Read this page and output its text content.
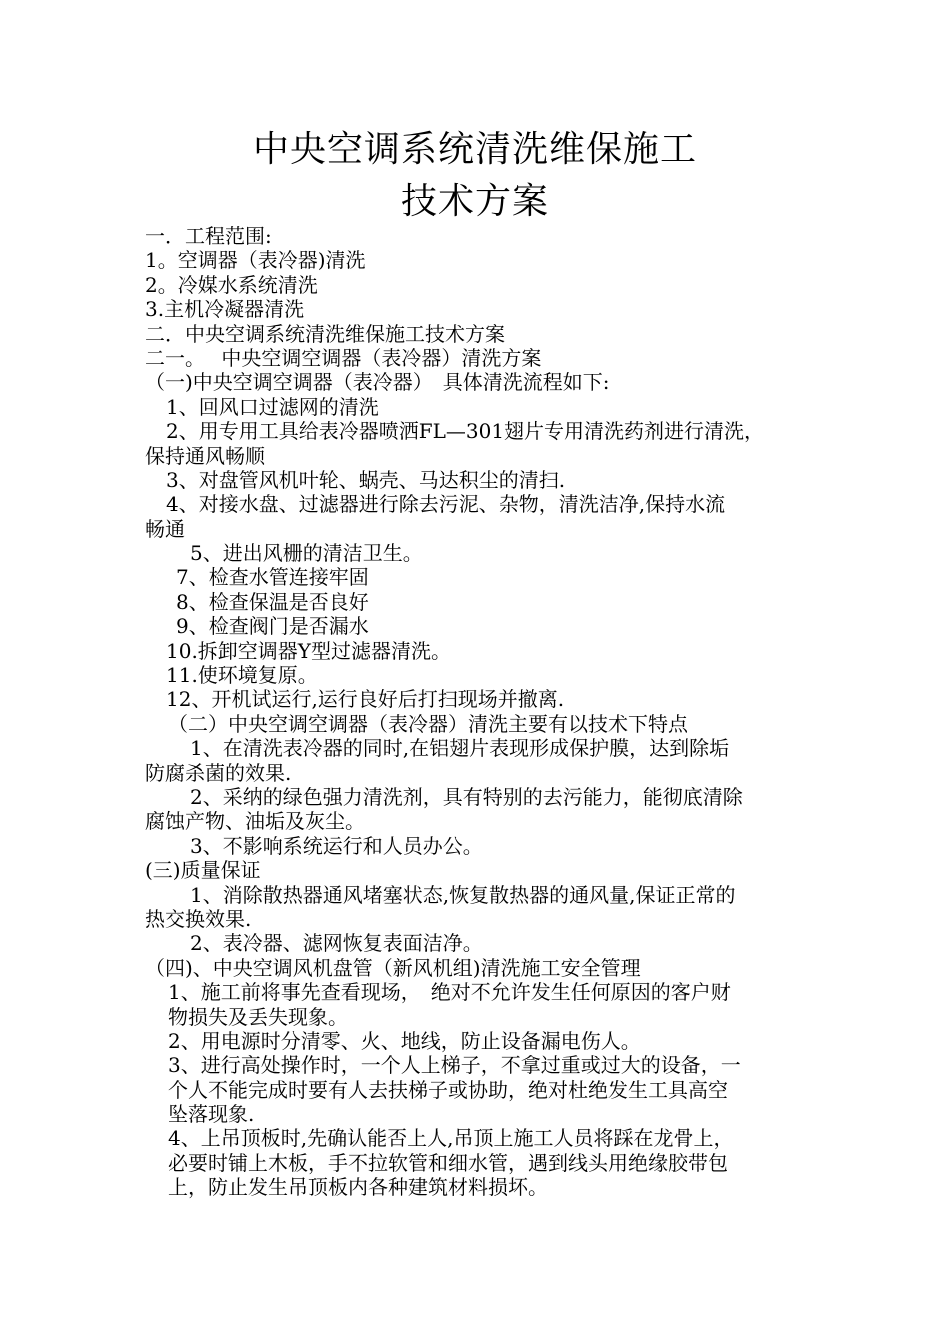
中央空调系统清洗维保施工
技术方案
一．工程范围:
1。空调器（表冷器)清洗
2。冷媒水系统清洗
3.主机冷凝器清洗
二．中央空调系统清洗维保施工技术方案
二一。　 中央空调空调器（表冷器）清洗方案
（一)中央空调空调器（表冷器）　具体清洗流程如下:
1、回风口过滤网的清洗
2、用专用工具给表冷器喷洒FL—301翅片专用清洗药剂进行清洗，
保持通风畅顺
3、对盘管风机叶轮、蜗壳、马达积尘的清扫.
4、对接水盘、过滤器进行除去污泥、杂物，清洗洁净,保持水流
畅通
5、进出风栅的清洁卫生。
7、检查水管连接牢固
8、检查保温是否良好
9、检查阀门是否漏水
10.拆卸空调器Y型过滤器清洗。
11.使环境复原。
12、开机试运行,运行良好后打扫现场并撤离.
（二）中央空调空调器（表冷器）清洗主要有以技术下特点
1、在清洗表冷器的同时,在铝翅片表现形成保护膜，达到除垢
防腐杀菌的效果.
2、采纳的绿色强力清洗剂，具有特别的去污能力，能彻底清除
腐蚀产物、油垢及灰尘。
3、不影响系统运行和人员办公。
(三)质量保证
1、消除散热器通风堵塞状态,恢复散热器的通风量,保证正常的
热交换效果.
2、表冷器、滤网恢复表面洁净。
（四)、中央空调风机盘管（新风机组)清洗施工安全管理
1、施工前将事先查看现场，　绝对不允许发生任何原因的客户财
物损失及丢失现象。
2、用电源时分清零、火、地线，防止设备漏电伤人。
3、进行高处操作时，一个人上梯子，不拿过重或过大的设备，一
个人不能完成时要有人去扶梯子或协助，绝对杜绝发生工具高空
坠落现象.
4、上吊顶板时,先确认能否上人,吊顶上施工人员将踩在龙骨上，
必要时铺上木板，手不拉软管和细水管，遇到线头用绝缘胶带包
上，防止发生吊顶板内各种建筑材料损坏。
